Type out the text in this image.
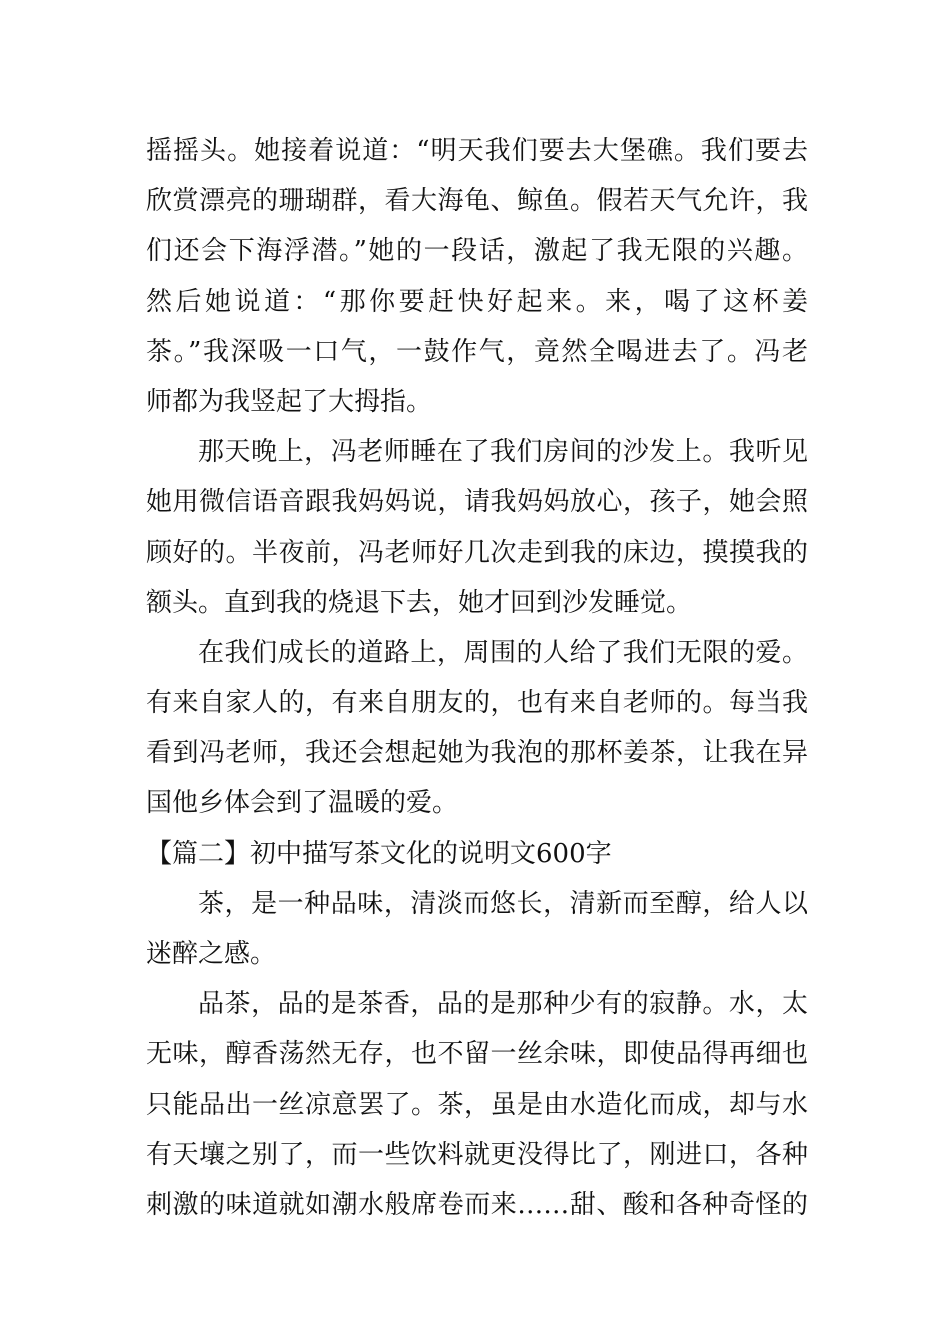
摇摇头。她接着说道：“明天我们要去大堡礁。我们要去
欣赏漂亮的珊瑚群，看大海龟、鲸鱼。假若天气允许，我
们还会下海浮潜。”她的一段话，激起了我无限的兴趣。
然后她说道：“那你要赶快好起来。来，喝了这杯姜
茶。”我深吸一口气，一鼓作气，竟然全喝进去了。冯老
师都为我竖起了大拇指。
那天晚上，冯老师睡在了我们房间的沙发上。我听见
她用微信语音跟我妈妈说，请我妈妈放心，孩子，她会照
顾好的。半夜前，冯老师好几次走到我的床边，摸摸我的
额头。直到我的烧退下去，她才回到沙发睡觉。
在我们成长的道路上，周围的人给了我们无限的爱。
有来自家人的，有来自朋友的，也有来自老师的。每当我
看到冯老师，我还会想起她为我泡的那杯姜茶，让我在异
国他乡体会到了温暖的爱。
【篇二】初中描写茶文化的说明文600字
茶，是一种品味，清淡而悠长，清新而至醇，给人以
迷醉之感。
品茶，品的是茶香，品的是那种少有的寂静。水，太
无味，醇香荡然无存，也不留一丝余味，即使品得再细也
只能品出一丝凉意罢了。茶，虽是由水造化而成，却与水
有天壤之别了，而一些饮料就更没得比了，刚进口，各种
刺激的味道就如潮水般席卷而来……甜、酸和各种奇怪的
